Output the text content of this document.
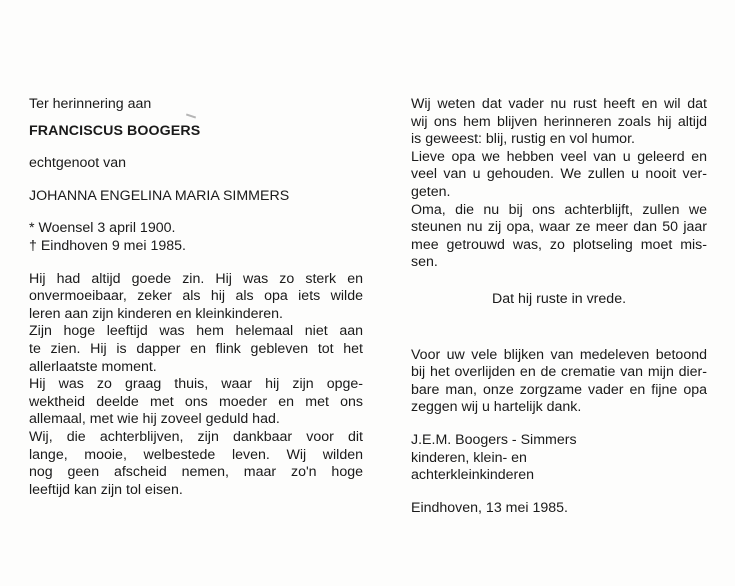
Ter herinnering aan
FRANCISCUS BOOGERS
echtgenoot van
JOHANNA ENGELINA MARIA SIMMERS
* Woensel 3 april 1900.
† Eindhoven 9 mei 1985.
Hij had altijd goede zin. Hij was zo sterk en
onvermoeibaar, zeker als hij als opa iets wilde
leren aan zijn kinderen en kleinkinderen.
Zijn hoge leeftijd was hem helemaal niet aan
te zien. Hij is dapper en flink gebleven tot het
allerlaatste moment.
Hij was zo graag thuis, waar hij zijn opge-
wektheid deelde met ons moeder en met ons
allemaal, met wie hij zoveel geduld had.
Wij, die achterblijven, zijn dankbaar voor dit
lange, mooie, welbestede leven. Wij wilden
nog geen afscheid nemen, maar zo'n hoge
leeftijd kan zijn tol eisen.
Wij weten dat vader nu rust heeft en wil dat
wij ons hem blijven herinneren zoals hij altijd
is geweest: blij, rustig en vol humor.
Lieve opa we hebben veel van u geleerd en
veel van u gehouden. We zullen u nooit ver-
geten.
Oma, die nu bij ons achterblijft, zullen we
steunen nu zij opa, waar ze meer dan 50 jaar
mee getrouwd was, zo plotseling moet mis-
sen.
Dat hij ruste in vrede.
Voor uw vele blijken van medeleven betoond
bij het overlijden en de crematie van mijn dier-
bare man, onze zorgzame vader en fijne opa
zeggen wij u hartelijk dank.
J.E.M. Boogers - Simmers
kinderen, klein- en
achterkleinkinderen
Eindhoven, 13 mei 1985.
